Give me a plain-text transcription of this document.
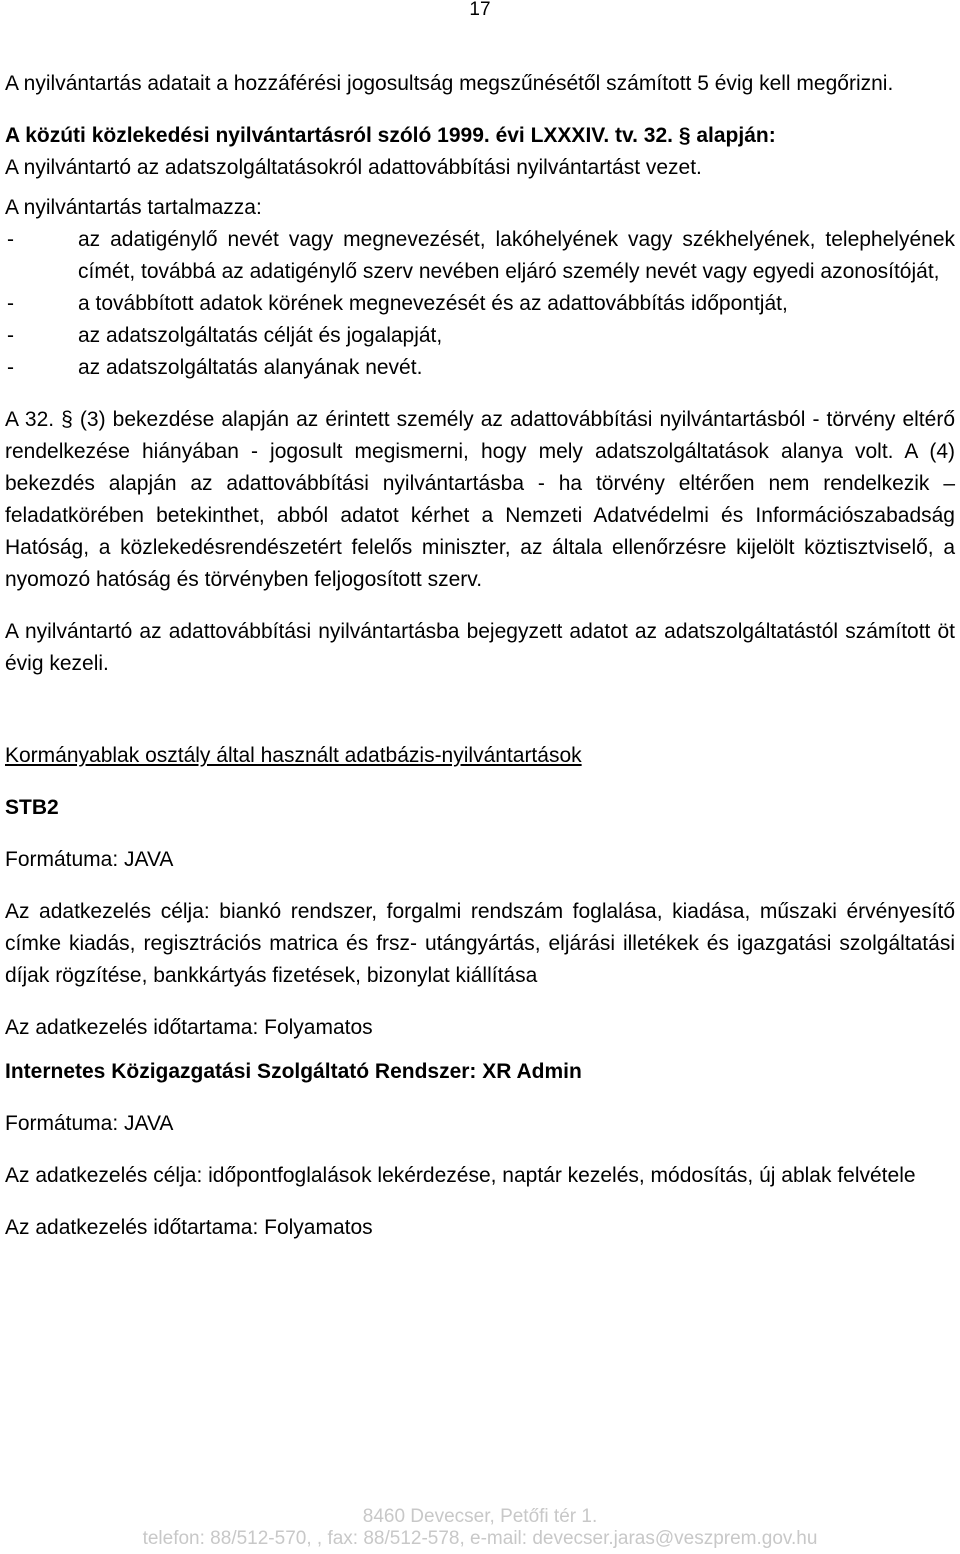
17

A nyilvántartás adatait a hozzáférési jogosultság megszűnésétől számított 5 évig kell megőrizni.

A közúti közlekedési nyilvántartásról szóló 1999. évi LXXXIV. tv. 32. § alapján:

A nyilvántartó az adatszolgáltatásokról adattovábbítási nyilvántartást vezet.

A nyilvántartás tartalmazza:

-	az adatigénylő nevét vagy megnevezését, lakóhelyének vagy székhelyének, telephelyének címét, továbbá az adatigénylő szerv nevében eljáró személy nevét vagy egyedi azonosítóját,
-	a továbbított adatok körének megnevezését és az adattovábbítás időpontját,
-	az adatszolgáltatás célját és jogalapját,
-	az adatszolgáltatás alanyának nevét.

A 32. § (3) bekezdése alapján az érintett személy az adattovábbítási nyilvántartásból - törvény eltérő rendelkezése hiányában - jogosult megismerni, hogy mely adatszolgáltatások alanya volt. A (4) bekezdés alapján az adattovábbítási nyilvántartásba - ha törvény eltérően nem rendelkezik – feladatkörében betekinthet, abból adatot kérhet a Nemzeti Adatvédelmi és Információszabadság Hatóság, a közlekedésrendészetért felelős miniszter, az általa ellenőrzésre kijelölt köztisztviselő, a nyomozó hatóság és törvényben feljogosított szerv.

A nyilvántartó az adattovábbítási nyilvántartásba bejegyzett adatot az adatszolgáltatástól számított öt évig kezeli.

Kormányablak osztály által használt adatbázis-nyilvántartások

STB2

Formátuma: JAVA

Az adatkezelés célja: biankó rendszer, forgalmi rendszám foglalása, kiadása, műszaki érvényesítő címke kiadás, regisztrációs matrica és frsz- utángyártás, eljárási illetékek és igazgatási szolgáltatási díjak rögzítése, bankkártyás fizetések, bizonylat kiállítása

Az adatkezelés időtartama: Folyamatos

Internetes Közigazgatási Szolgáltató Rendszer: XR Admin

Formátuma: JAVA

Az adatkezelés célja: időpontfoglalások lekérdezése, naptár kezelés, módosítás, új ablak felvétele

Az adatkezelés időtartama: Folyamatos

8460 Devecser, Petőfi tér 1.
telefon: 88/512-570, , fax: 88/512-578, e-mail: devecser.jaras@veszprem.gov.hu
